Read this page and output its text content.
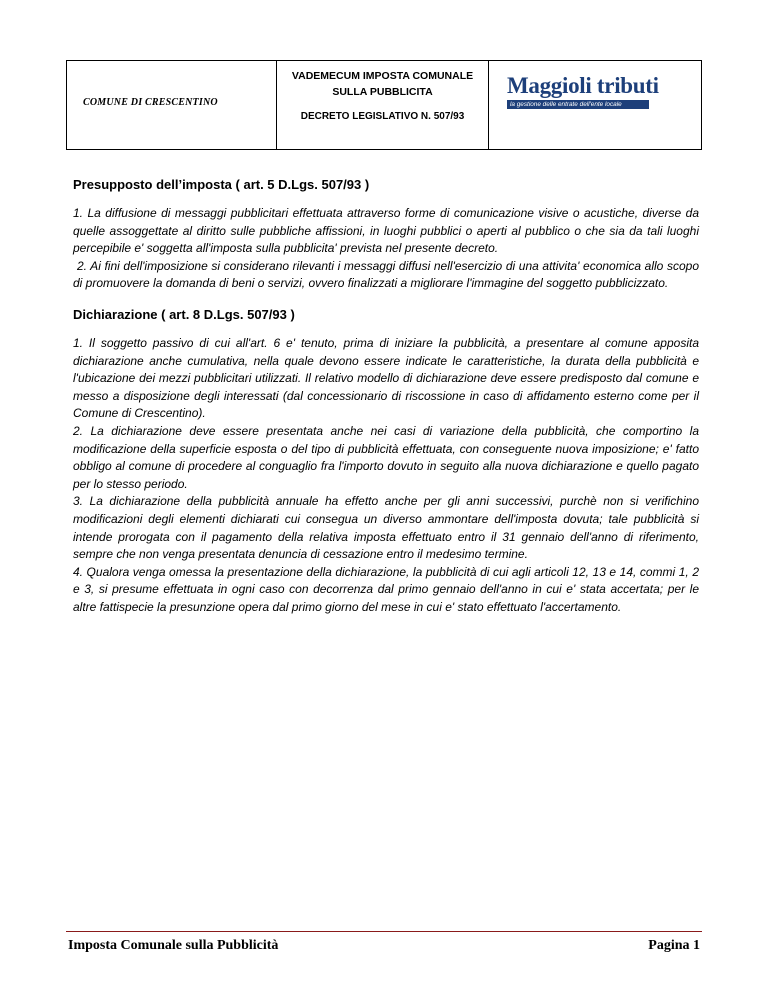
COMUNE DI CRESCENTINO
VADEMECUM IMPOSTA COMUNALE SULLA PUBBLICITA
DECRETO LEGISLATIVO N. 507/93
Maggioli tributi
la gestione delle entrate dell'ente locale
Presupposto dell’imposta ( art. 5 D.Lgs. 507/93 )

1. La diffusione di messaggi pubblicitari effettuata attraverso forme di comunicazione visive o acustiche, diverse da quelle assoggettate al diritto sulle pubbliche affissioni, in luoghi pubblici o aperti al pubblico o che sia da tali luoghi percepibile e' soggetta all'imposta sulla pubblicita' prevista nel presente decreto.

2. Ai fini dell'imposizione si considerano rilevanti i messaggi diffusi nell'esercizio di una attivita' economica allo scopo di promuovere la domanda di beni o servizi, ovvero finalizzati a migliorare l'immagine del soggetto pubblicizzato.

Dichiarazione ( art. 8 D.Lgs. 507/93 )

1. Il soggetto passivo di cui all'art. 6 e' tenuto, prima di iniziare la pubblicità, a presentare al comune apposita dichiarazione anche cumulativa, nella quale devono essere indicate le caratteristiche, la durata della pubblicità e l'ubicazione dei mezzi pubblicitari utilizzati. Il relativo modello di dichiarazione deve essere predisposto dal comune e messo a disposizione degli interessati (dal concessionario di riscossione in caso di affidamento esterno come per il Comune di Crescentino).

2. La dichiarazione deve essere presentata anche nei casi di variazione della pubblicità, che comportino la modificazione della superficie esposta o del tipo di pubblicità effettuata, con conseguente nuova imposizione; e' fatto obbligo al comune di procedere al conguaglio fra l'importo dovuto in seguito alla nuova dichiarazione e quello pagato per lo stesso periodo.

3. La dichiarazione della pubblicità annuale ha effetto anche per gli anni successivi, purchè non si verifichino modificazioni degli elementi dichiarati cui consegua un diverso ammontare dell'imposta dovuta; tale pubblicità si intende prorogata con il pagamento della relativa imposta effettuato entro il 31 gennaio dell'anno di riferimento, sempre che non venga presentata denuncia di cessazione entro il medesimo termine.

4. Qualora venga omessa la presentazione della dichiarazione, la pubblicità di cui agli articoli 12, 13 e 14, commi 1, 2 e 3, si presume effettuata in ogni caso con decorrenza dal primo gennaio dell'anno in cui e' stata accertata; per le altre fattispecie la presunzione opera dal primo giorno del mese in cui e' stato effettuato l'accertamento.

Imposta Comunale sulla Pubblicità	Pagina 1
